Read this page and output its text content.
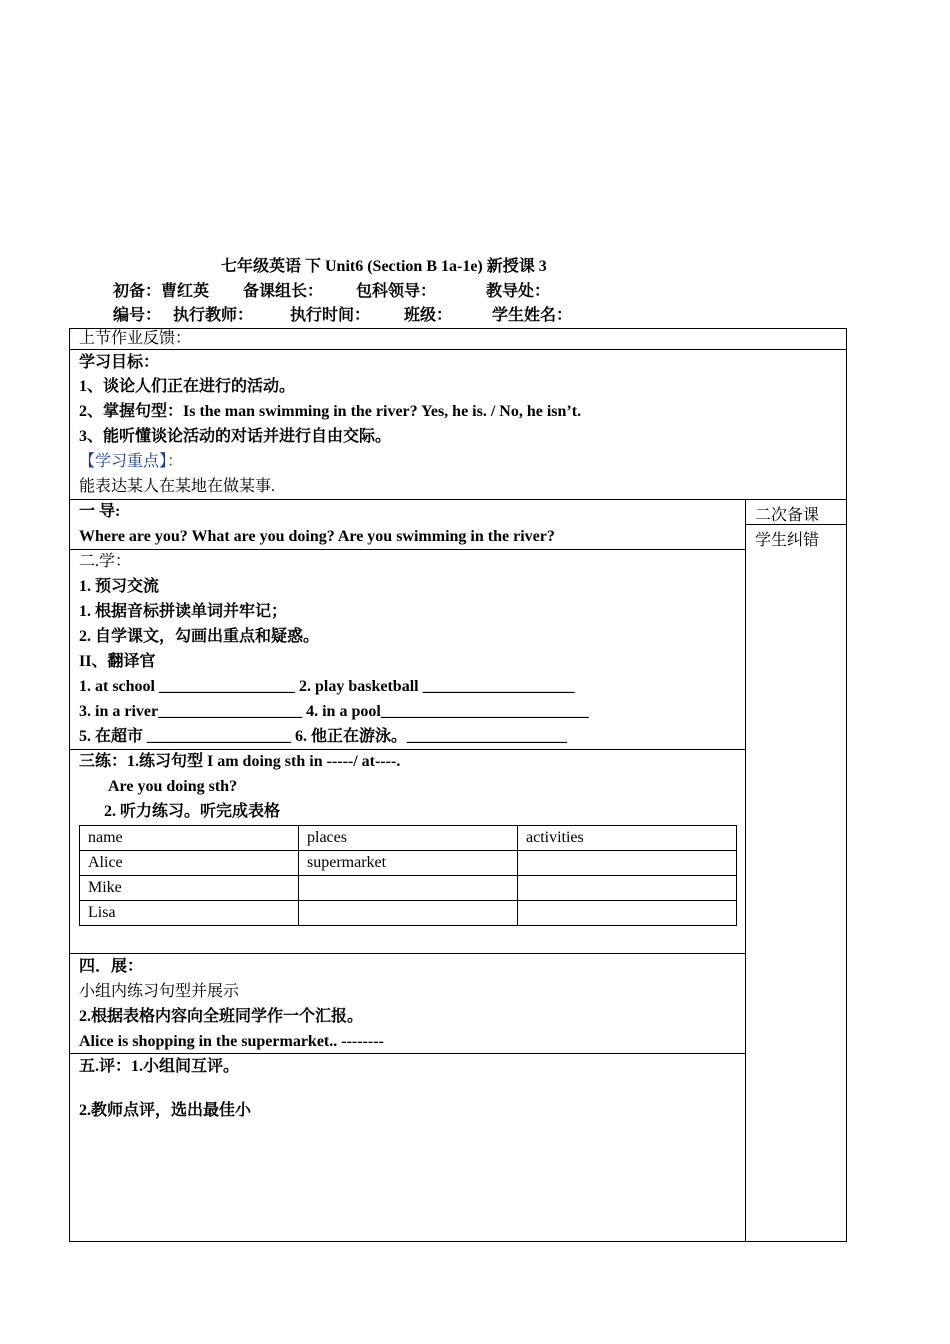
七年级英语 下 Unit6 (Section B 1a-1e) 新授课 3
初备：曹红英 备课组长： 包科领导：	教导处：
编号： 执行教师： 执行时间： 班级： 学生姓名：
上节作业反馈：
学习目标：
1、谈论人们正在进行的活动。
2、掌握句型：Is the man swimming in the river? Yes, he is. / No, he isn’t.
3、能听懂谈论活动的对话并进行自由交际。
【学习重点】：
能表达某人在某地在做某事.
二次备课
学生纠错
一 导:
Where are you? What are you doing? Are you swimming in the river?
二.学：
1. 预习交流
1. 根据音标拼读单词并牢记；
2. 自学课文，勾画出重点和疑惑。
II、翻译官
1. at school _________________ 2. play basketball ___________________
3. in a river__________________ 4. in a pool__________________________
5. 在超市 __________________ 6. 他正在游泳。____________________
三练：1.练习句型 I am doing sth in -----/ at----.
Are you doing sth?
2. 听力练习。听完成表格
name	places	activities
Alice	supermarket	
Mike		
Lisa		
四．展：
小组内练习句型并展示
2.根据表格内容向全班同学作一个汇报。
Alice is shopping in the supermarket.. --------
五.评：1.小组间互评。
2.教师点评，选出最佳小
